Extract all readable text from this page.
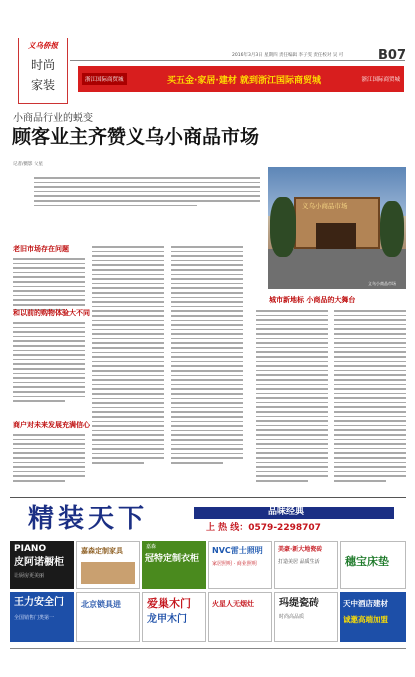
义乌侨报
时尚
家装
2016年3月3日 星期四 责任编辑 李子雯 责任校对 吴 可	B07
浙江国际商贸城	买五金·家居·建材 就到浙江国际商贸城	浙江国际商贸城
小商品行业的蜕变
顾客业主齐赞义乌小商品市场
记者/摄影 父星
义乌小商品市场
义乌小商品市场
老旧市场存在问题
和以前的购物体验大不同
商户对未来发展充满信心
城市新地标 小商品的大舞台
精装天下	品味经典
上 热 线：0579-2298707
PIANO
皮阿诺橱柜
让厨房更美丽
嘉森定制家具	嘉森
冠特定制衣柜
NVC雷士照明
家居照明 · 商业照明
美豪·新大地瓷砖
打造美居 品质生活 穗宝床垫
王力安全门
全国销售门类第一
北京锁具进 爱巢木门
龙甲木门
火星人无烟灶	玛缇瓷砖
时尚高品质
天中酒店建材
诚邀高端加盟
